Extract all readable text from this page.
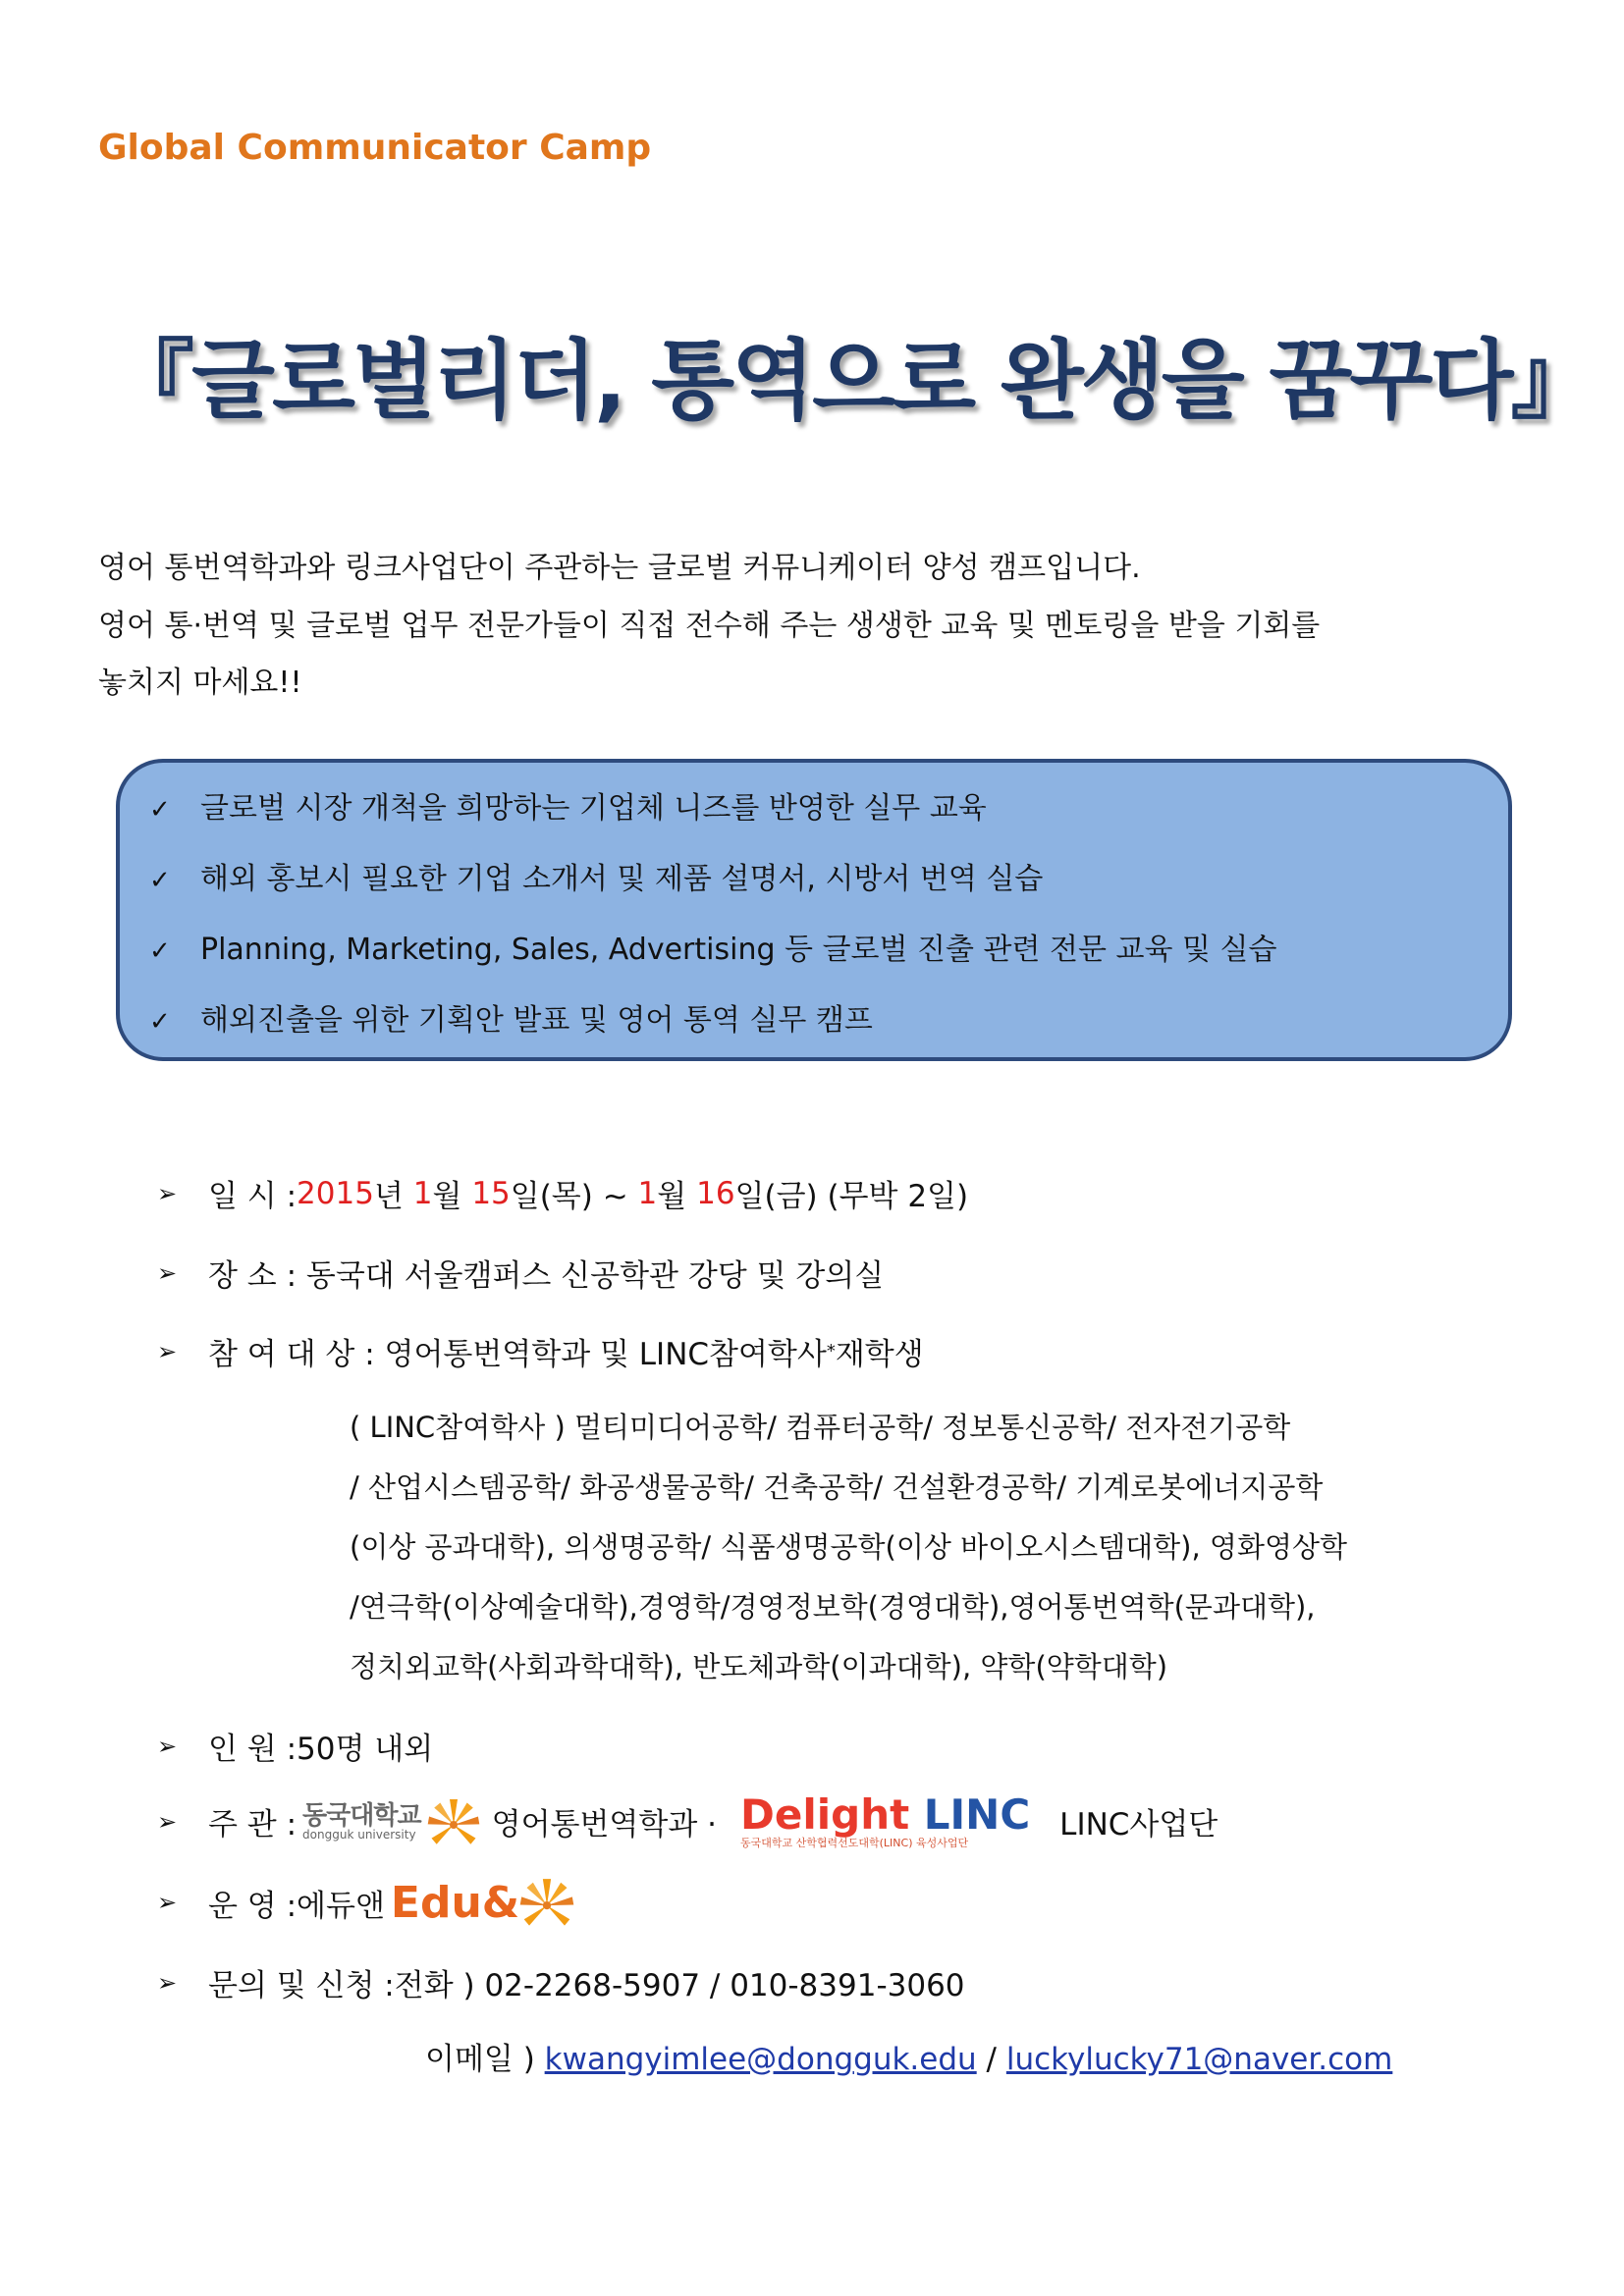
Global Communicator Camp
『글로벌리더, 통역으로 완생을 꿈꾸다』
영어 통번역학과와 링크사업단이 주관하는 글로벌 커뮤니케이터 양성 캠프입니다.
영어 통·번역 및 글로벌 업무 전문가들이 직접 전수해 주는 생생한 교육 및 멘토링을 받을 기회를
놓치지 마세요!!
✓ 글로벌 시장 개척을 희망하는 기업체 니즈를 반영한 실무 교육
✓ 해외 홍보시 필요한 기업 소개서 및 제품 설명서, 시방서 번역 실습
✓ Planning, Marketing, Sales, Advertising 등 글로벌 진출 관련 전문 교육 및 실습
✓ 해외진출을 위한 기획안 발표 및 영어 통역 실무 캠프
➢	일 시 : 2015 년
1 월
15 일(목) ~
1 월
16 일(금) (무박 2일)
➢	장 소 :
동국대 서울캠퍼스 신공학관 강당 및 강의실
➢	참 여 대 상 :
영어통번역학과 및 LINC참여학사 * 재학생
( LINC참여학사 ) 멀티미디어공학/ 컴퓨터공학/ 정보통신공학/ 전자전기공학
/ 산업시스템공학/ 화공생물공학/ 건축공학/ 건설환경공학/ 기계로봇에너지공학
(이상 공과대학), 의생명공학/ 식품생명공학(이상 바이오시스템대학), 영화영상학
/연극학(이상예술대학),경영학/경영정보학(경영대학),영어통번역학(문과대학),
정치외교학(사회과학대학), 반도체과학(이과대학), 약학(약학대학)
➢	인 원 : 50명 내외
➢	주 관 : 동국대학교
dongguk university 영어통번역학과 · Delight LINC
동국대학교 산학협력선도대학(LINC) 육성사업단
LINC사업단
➢	운 영 : 에듀앤 Edu&
➢	문의 및 신청 : 전화 ) 02-2268-5907 / 010-8391-3060
이메일 ) kwangyimlee@dongguk.edu / luckylucky71@naver.com
